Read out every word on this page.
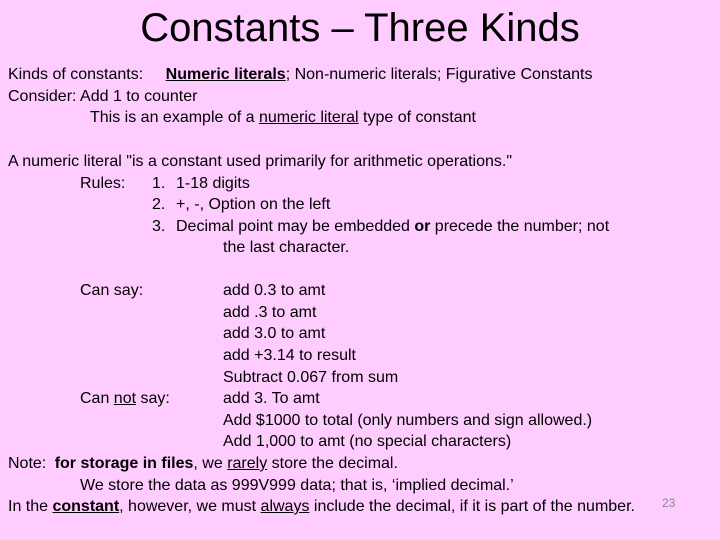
Constants – Three Kinds
Kinds of constants: Numeric literals; Non-numeric literals; Figurative Constants
Consider: Add 1 to counter
This is an example of a numeric literal type of constant
A numeric literal "is a constant used primarily for arithmetic operations."
Rules: 1. 1-18 digits
2. +, -, Option on the left
3. Decimal point may be embedded or precede the number; not
the last character.
Can say:	add 0.3 to amt
add .3 to amt
add 3.0 to amt
add +3.14 to result
Subtract 0.067 from sum
Can not say:	add 3. To amt
Add $1000 to total (only numbers and sign allowed.)
Add 1,000 to amt (no special characters)
Note: for storage in files, we rarely store the decimal.
We store the data as 999V999 data; that is, ‘implied decimal.’
In the constant, however, we must always include the decimal, if it is part of the number. 23
